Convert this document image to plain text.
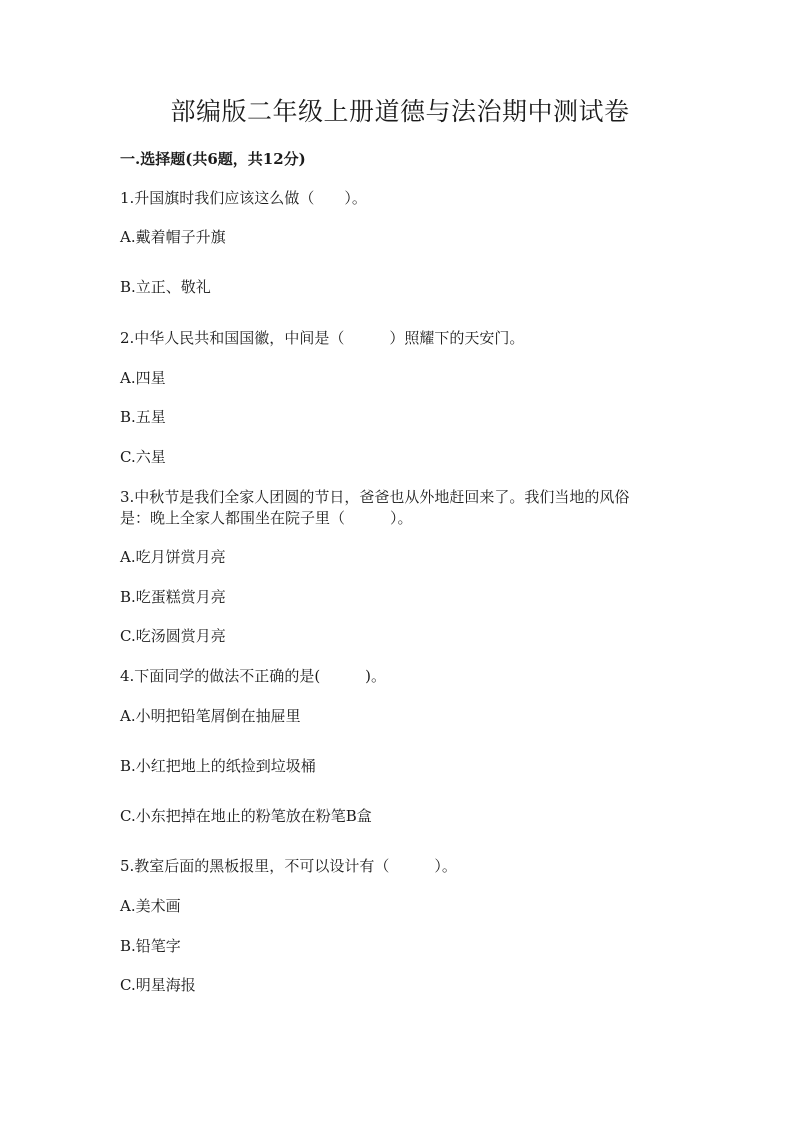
部编版二年级上册道德与法治期中测试卷
一.选择题(共6题，共12分)
1.升国旗时我们应该这么做（　　）。
A.戴着帽子升旗
B.立正、敬礼
2.中华人民共和国国徽，中间是（　　　）照耀下的天安门。
A.四星
B.五星
C.六星
3.中秋节是我们全家人团圆的节日，爸爸也从外地赶回来了。我们当地的风俗
是：晚上全家人都围坐在院子里（　　　）。
A.吃月饼赏月亮
B.吃蛋糕赏月亮
C.吃汤圆赏月亮
4.下面同学的做法不正确的是(　　　)。
A.小明把铅笔屑倒在抽屉里
B.小红把地上的纸捡到垃圾桶
C.小东把掉在地止的粉笔放在粉笔B盒
5.教室后面的黑板报里，不可以设计有（　　　）。
A.美术画
B.铅笔字
C.明星海报
